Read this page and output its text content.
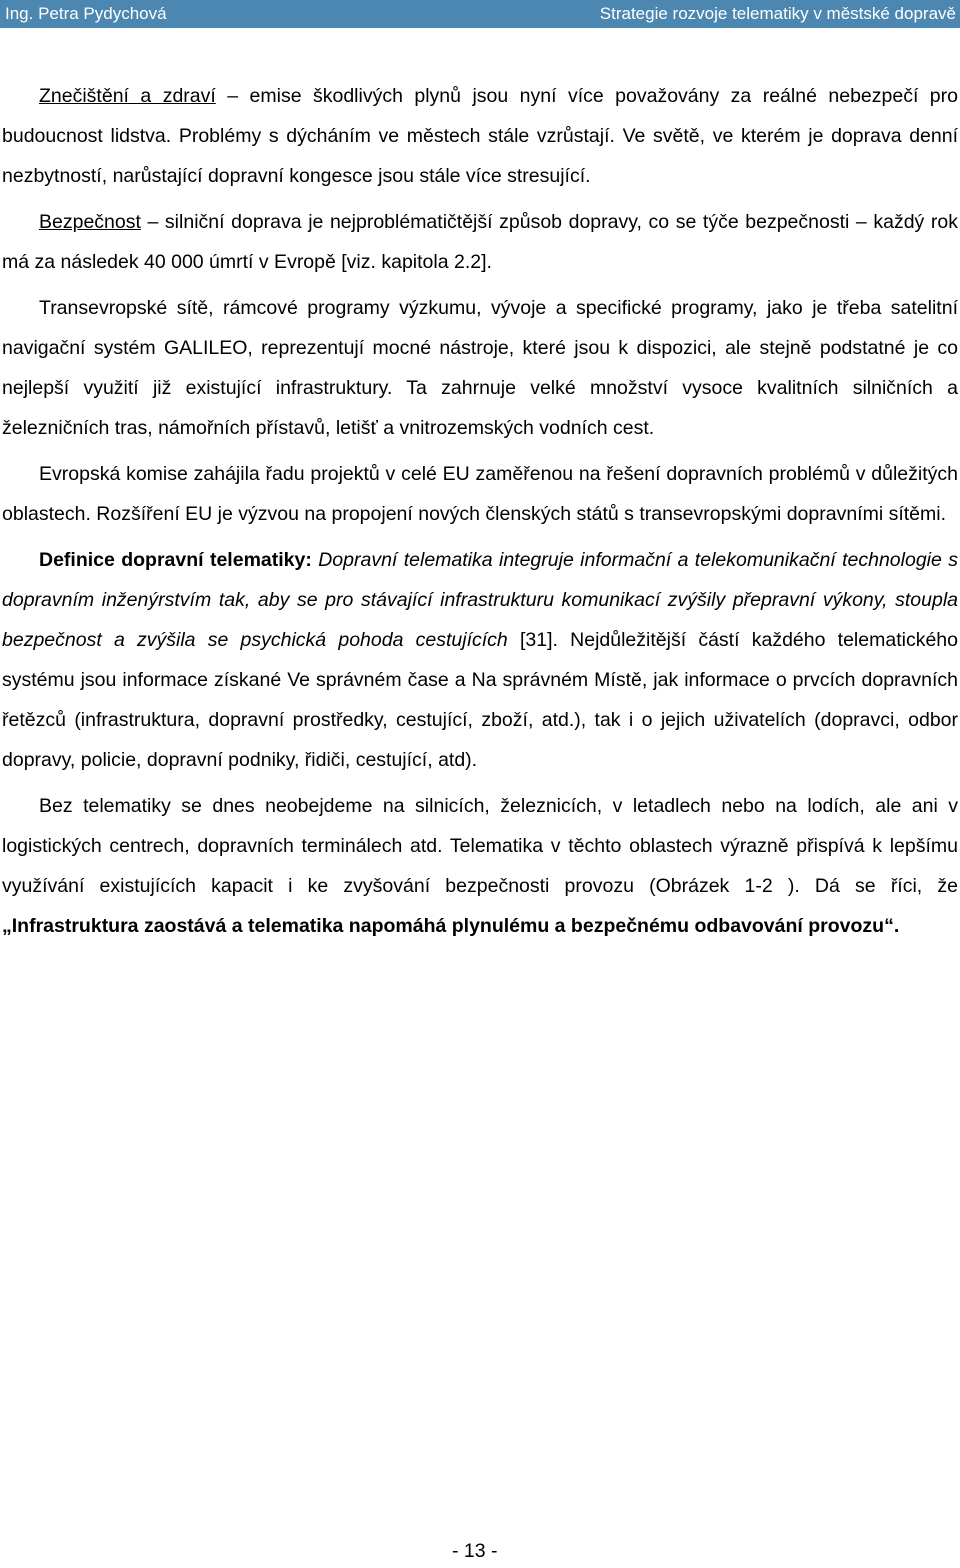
Ing. Petra Pydychová	Strategie rozvoje telematiky v městské dopravě

Znečištění a zdraví – emise škodlivých plynů jsou nyní více považovány za reálné nebezpečí pro budoucnost lidstva. Problémy s dýcháním ve městech stále vzrůstají. Ve světě, ve kterém je doprava denní nezbytností, narůstající dopravní kongesce jsou stále více stresující.

Bezpečnost – silniční doprava je nejproblématičtější způsob dopravy, co se týče bezpečnosti – každý rok má za následek 40 000 úmrtí v Evropě [viz. kapitola 2.2].

Transevropské sítě, rámcové programy výzkumu, vývoje a specifické programy, jako je třeba satelitní navigační systém GALILEO, reprezentují mocné nástroje, které jsou k dispozici, ale stejně podstatné je co nejlepší využití již existující infrastruktury. Ta zahrnuje velké množství vysoce kvalitních silničních a železničních tras, námořních přístavů, letišť a vnitrozemských vodních cest.

Evropská komise zahájila řadu projektů v celé EU zaměřenou na řešení dopravních problémů v důležitých oblastech. Rozšíření EU je výzvou na propojení nových členských států s transevropskými dopravními sítěmi.

Definice dopravní telematiky: Dopravní telematika integruje informační a telekomunikační technologie s dopravním inženýrstvím tak, aby se pro stávající infrastrukturu komunikací zvýšily přepravní výkony, stoupla bezpečnost a zvýšila se psychická pohoda cestujících [31]. Nejdůležitější částí každého telematického systému jsou informace získané Ve správném čase a Na správném Místě, jak informace o prvcích dopravních řetězců (infrastruktura, dopravní prostředky, cestující, zboží, atd.), tak i o jejich uživatelích (dopravci, odbor dopravy, policie, dopravní podniky, řidiči, cestující, atd).

Bez telematiky se dnes neobejdeme na silnicích, železnicích, v letadlech nebo na lodích, ale ani v logistických centrech, dopravních terminálech atd. Telematika v těchto oblastech výrazně přispívá k lepšímu využívání existujících kapacit i ke zvyšování bezpečnosti provozu (Obrázek 1-2 ). Dá se říci, že „Infrastruktura zaostává a telematika napomáhá plynulému a bezpečnému odbavování provozu“.

- 13 -
